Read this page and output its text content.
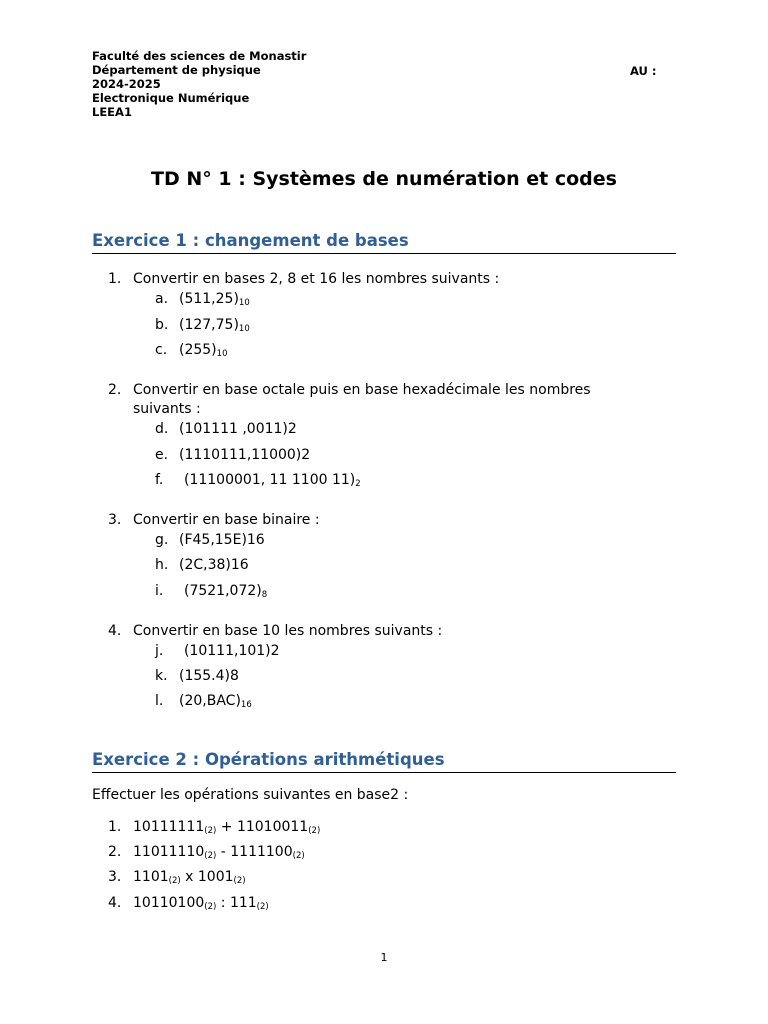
Faculté des sciences de Monastir
Département de physique
2024-2025
Electronique Numérique
LEEA1
AU :
TD N° 1 : Systèmes de numération et codes
Exercice 1 : changement de bases
1. Convertir en bases 2, 8 et 16 les nombres suivants :
a. $(511,25)_{10}$
b. $(127,75)_{10}$
c. $(255)_{10}$
2. Convertir en base octale puis en base hexadécimale les nombres suivants :
d. (101111 ,0011)2
e. (1110111,11000)2
f. (11100001, 11 1100 $11)_2$
3. Convertir en base binaire :
g. (F45,15E)16
h. (2C,38)16
i. $(7521,072)_8$
4. Convertir en base 10 les nombres suivants :
j. (10111,101)2
k. (155.4)8
l. $(20,BAC)_{16}$
Exercice 2 : Opérations arithmétiques
Effectuer les opérations suivantes en base2 :
1. $10111111_{(2)} + 11010011_{(2)}$
2. $11011110_{(2)} - 1111100_{(2)}$
3. $1101_{(2)}$ x $1001_{(2)}$
4. $10110100_{(2)}$ : $111_{(2)}$
1
